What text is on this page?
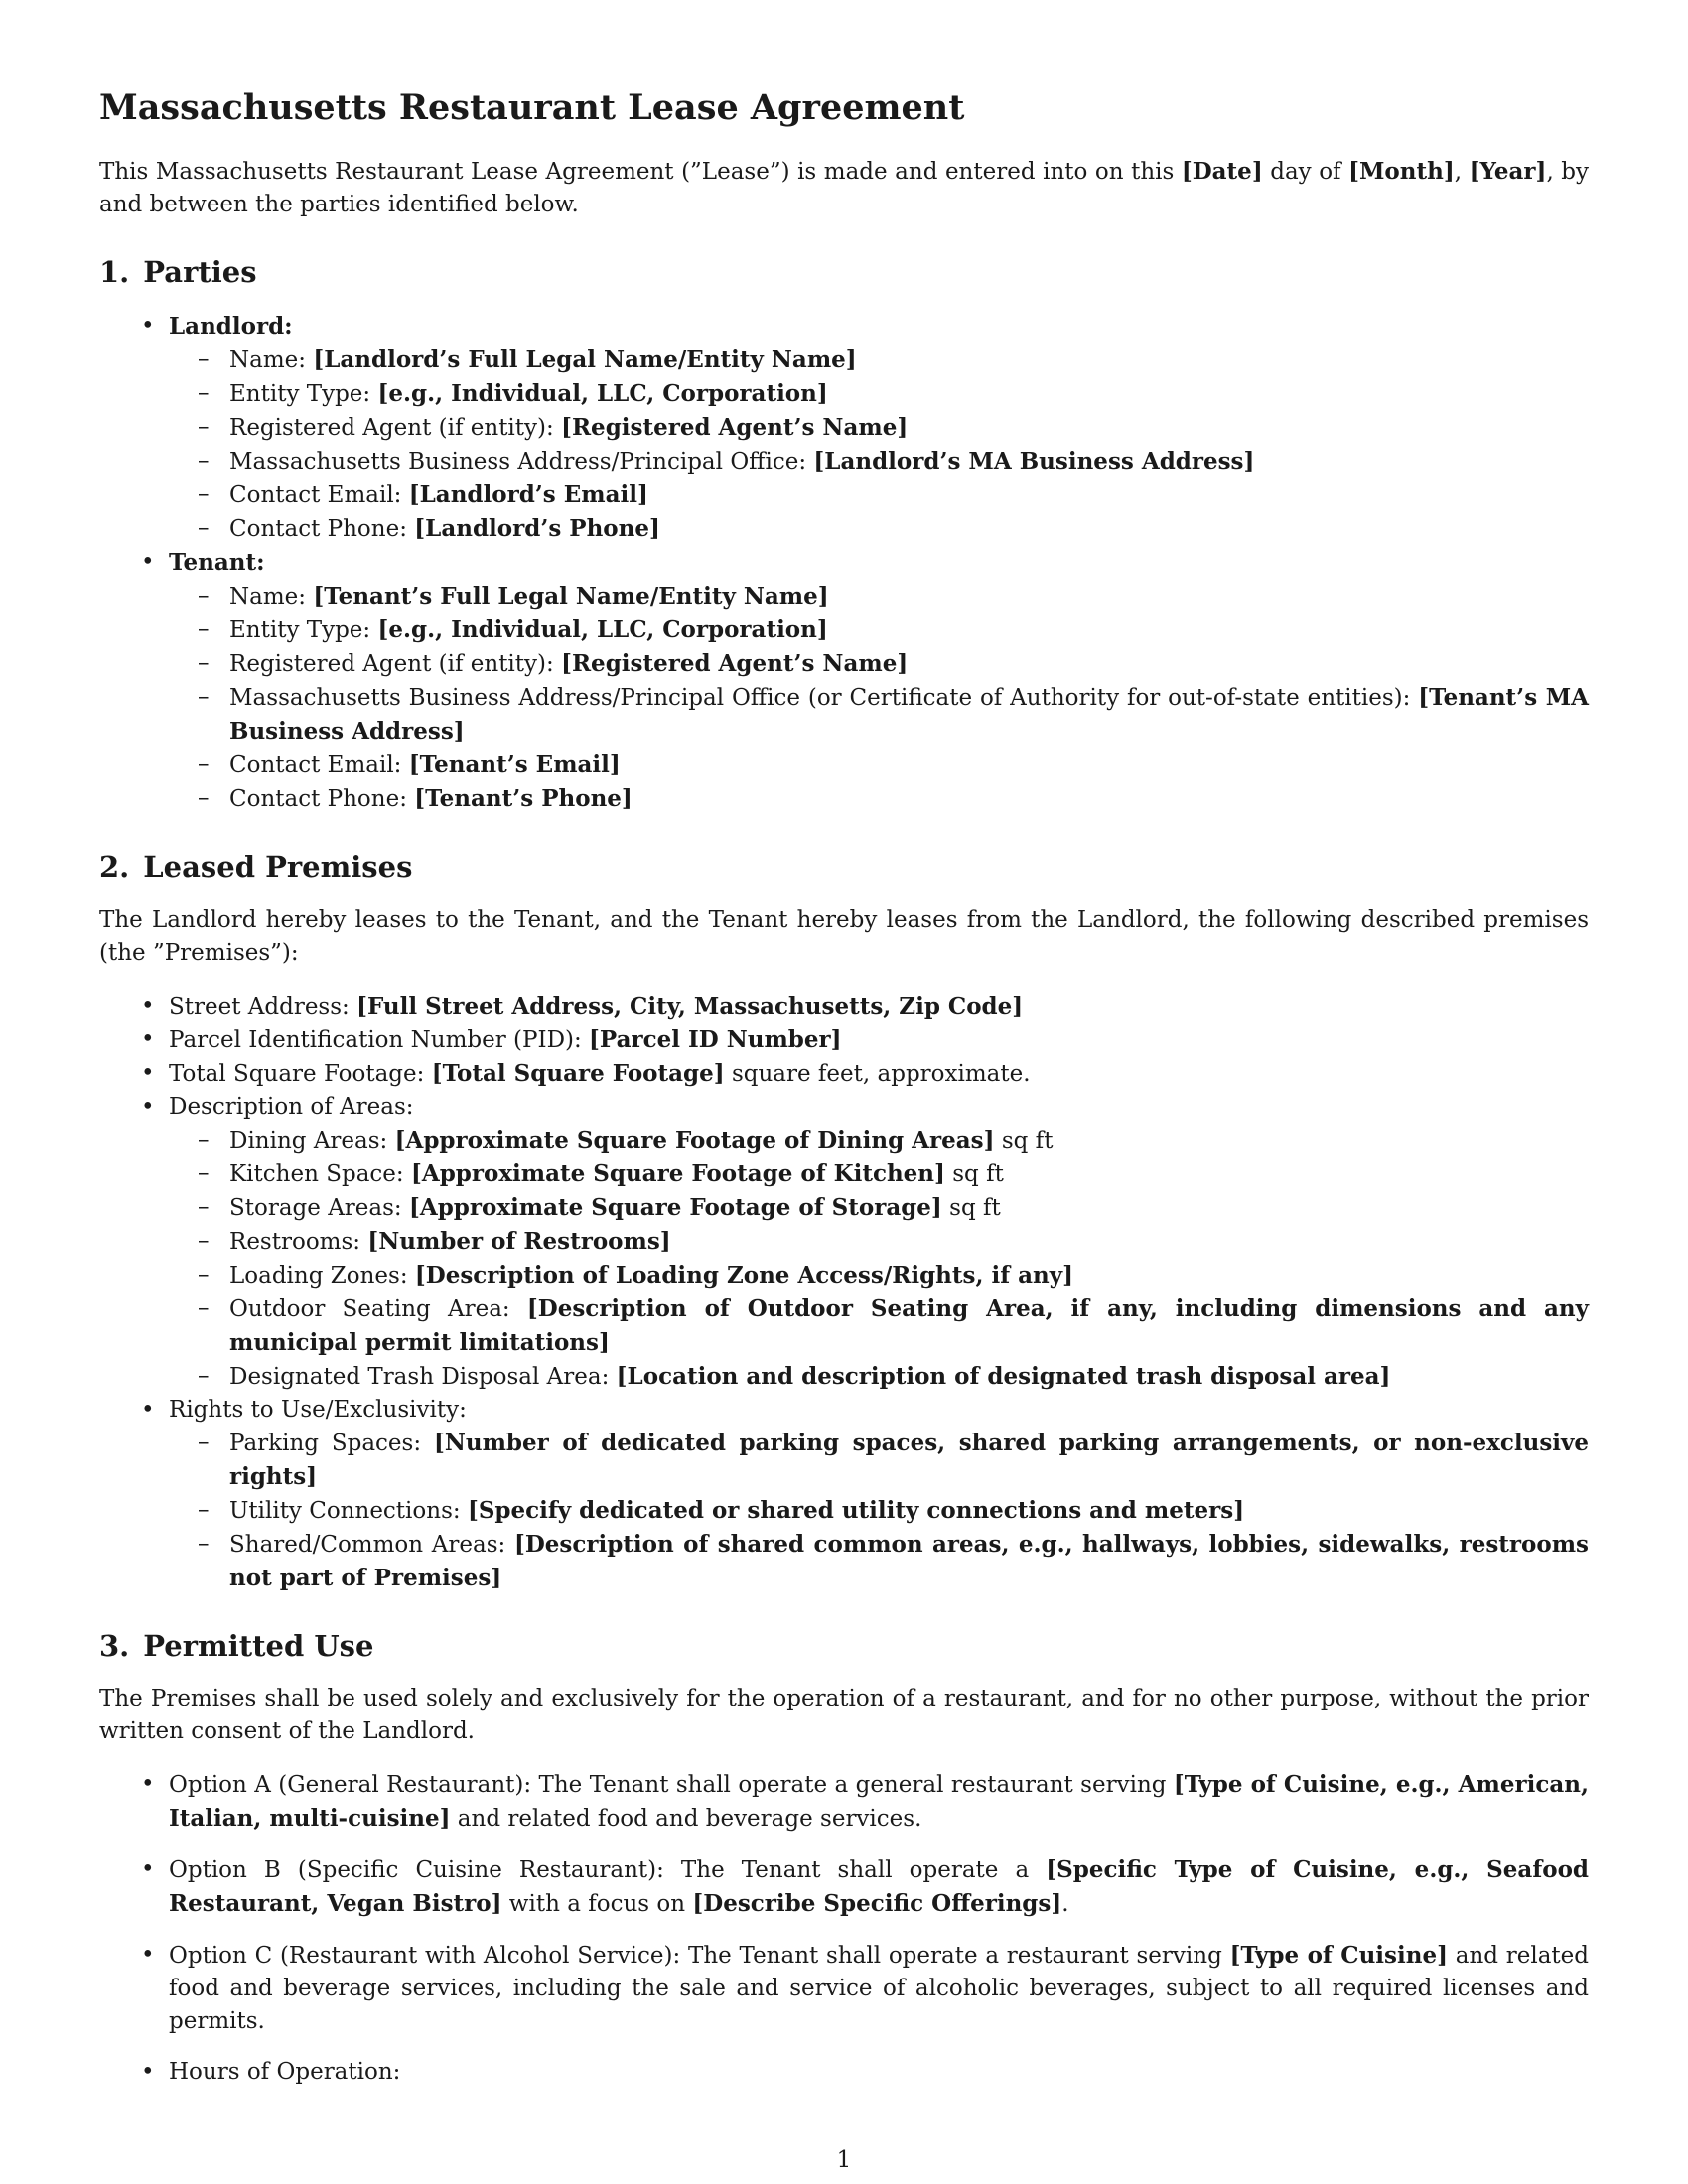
Massachusetts Restaurant Lease Agreement

This Massachusetts Restaurant Lease Agreement (”Lease”) is made and entered into on this [Date] day of [Month], [Year], by and between the parties identified below.

1. Parties
• Landlord:
– Name: [Landlord’s Full Legal Name/Entity Name]
– Entity Type: [e.g., Individual, LLC, Corporation]
– Registered Agent (if entity): [Registered Agent’s Name]
– Massachusetts Business Address/Principal Office: [Landlord’s MA Business Address]
– Contact Email: [Landlord’s Email]
– Contact Phone: [Landlord’s Phone]
• Tenant:
– Name: [Tenant’s Full Legal Name/Entity Name]
– Entity Type: [e.g., Individual, LLC, Corporation]
– Registered Agent (if entity): [Registered Agent’s Name]
– Massachusetts Business Address/Principal Office (or Certificate of Authority for out-of-state entities): [Tenant’s MA Business Address]
– Contact Email: [Tenant’s Email]
– Contact Phone: [Tenant’s Phone]
2. Leased Premises

The Landlord hereby leases to the Tenant, and the Tenant hereby leases from the Landlord, the following described premises (the ”Premises”):

• Street Address: [Full Street Address, City, Massachusetts, Zip Code]
• Parcel Identification Number (PID): [Parcel ID Number]
• Total Square Footage: [Total Square Footage] square feet, approximate.
• Description of Areas:
– Dining Areas: [Approximate Square Footage of Dining Areas] sq ft
– Kitchen Space: [Approximate Square Footage of Kitchen] sq ft
– Storage Areas: [Approximate Square Footage of Storage] sq ft
– Restrooms: [Number of Restrooms]
– Loading Zones: [Description of Loading Zone Access/Rights, if any]
– Outdoor Seating Area: [Description of Outdoor Seating Area, if any, including dimensions and any municipal permit limitations]
– Designated Trash Disposal Area: [Location and description of designated trash disposal area]
• Rights to Use/Exclusivity:
– Parking Spaces: [Number of dedicated parking spaces, shared parking arrangements, or non-exclusive rights]
– Utility Connections: [Specify dedicated or shared utility connections and meters]
– Shared/Common Areas: [Description of shared common areas, e.g., hallways, lobbies, sidewalks, restrooms not part of Premises]
3. Permitted Use

The Premises shall be used solely and exclusively for the operation of a restaurant, and for no other purpose, without the prior written consent of the Landlord.

• Option A (General Restaurant): The Tenant shall operate a general restaurant serving [Type of Cuisine, e.g., American, Italian, multi-cuisine] and related food and beverage services.
• Option B (Specific Cuisine Restaurant): The Tenant shall operate a [Specific Type of Cuisine, e.g., Seafood Restaurant, Vegan Bistro] with a focus on [Describe Specific Offerings].
• Option C (Restaurant with Alcohol Service): The Tenant shall operate a restaurant serving [Type of Cuisine] and related food and beverage services, including the sale and service of alcoholic beverages, subject to all required licenses and permits.
• Hours of Operation:
1
